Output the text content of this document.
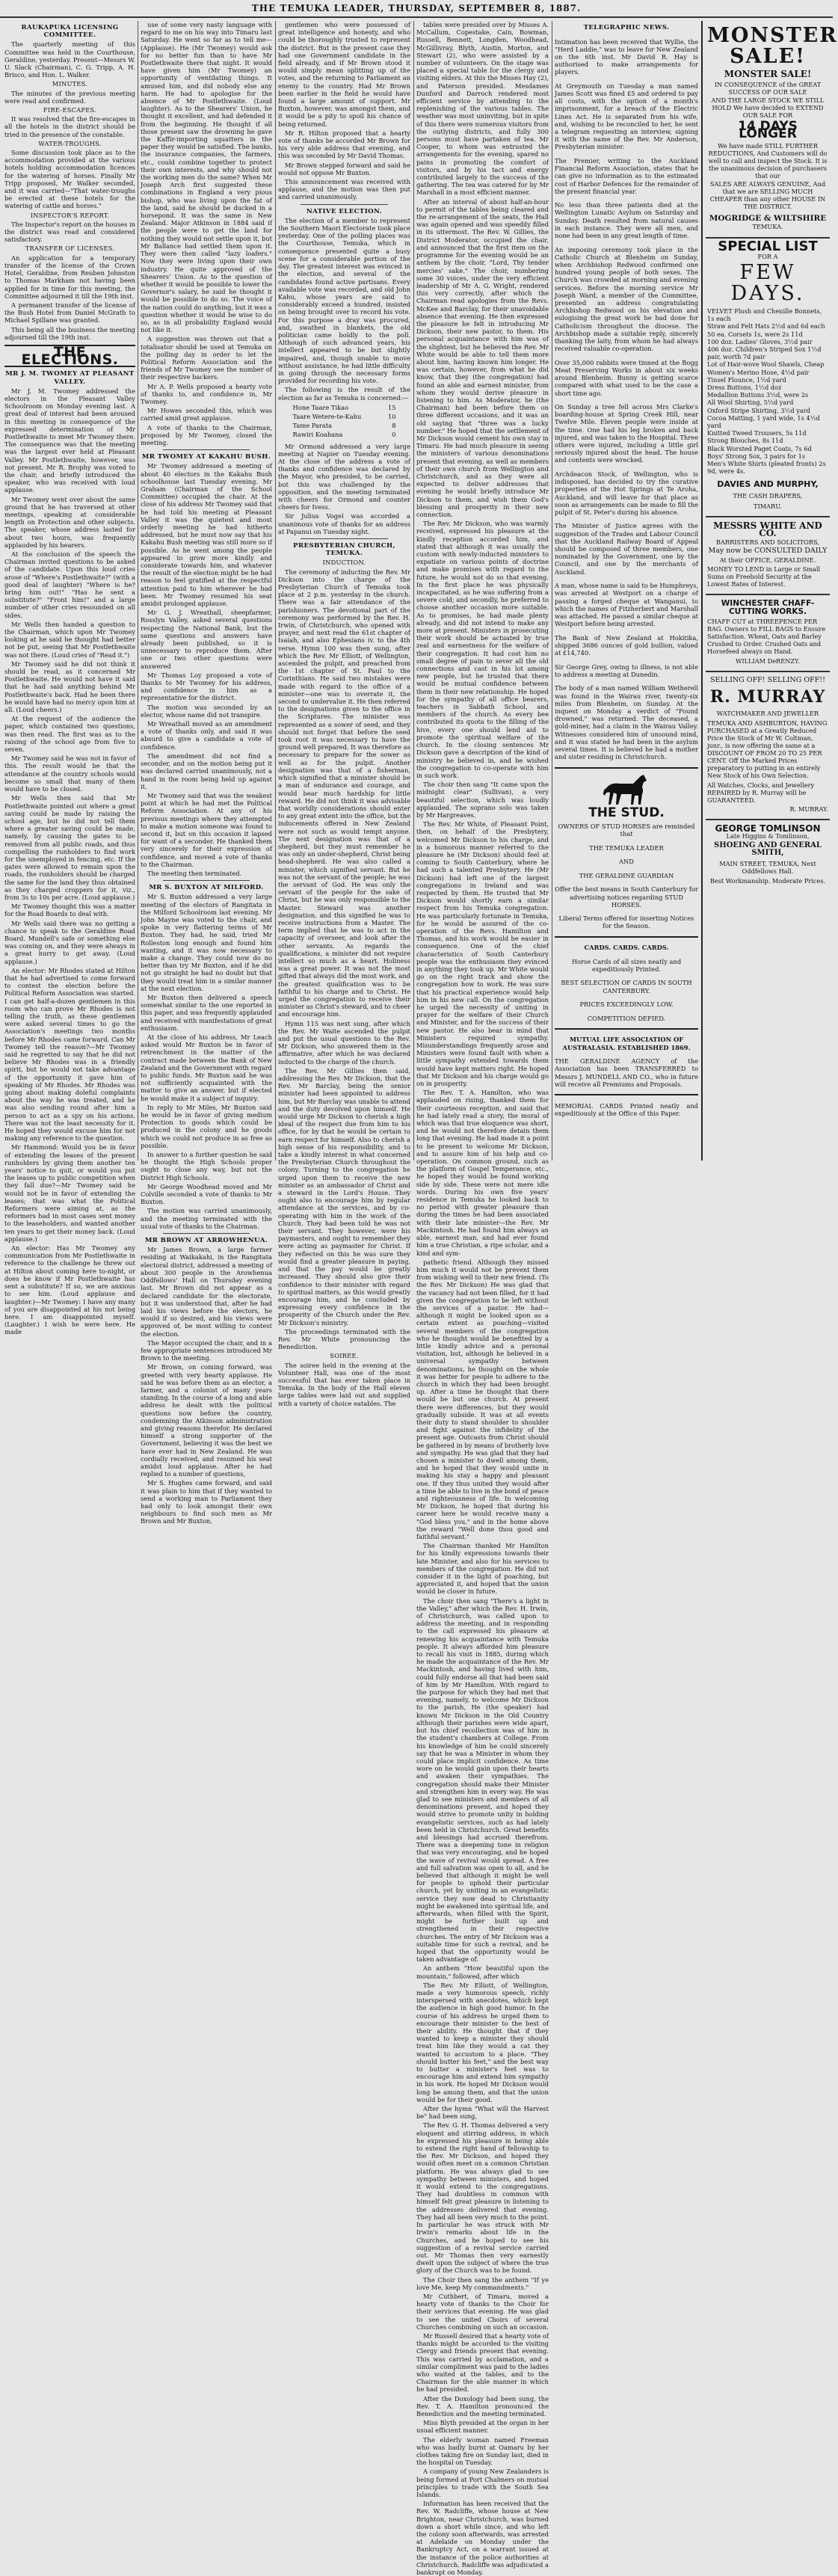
THE TEMUKA LEADER, THURSDAY, SEPTEMBER 8, 1887.
RAUKAPUKA LICENSING COMMITTEE.

The quarterly meeting of this Committee was held in the Courthouse, Geraldine, yesterday. Present—Messrs W. U. Slack (Chairman), C. G. Tripp, A. H. Brisco, and Hon. L. Walker.

MINUTES.

The minutes of the previous meeting were read and confirmed.

FIRE-ESCAPES.

It was resolved that the fire-escapes in all the hotels in the district should be tried in the presence of the constable.

WATER-TROUGHS.

Some discussion took place as to the accommodation provided at the various hotels holding accommodation licences for the watering of horses. Finally Mr Tripp proposed, Mr Walker seconded, and it was carried—"That water-troughs be erected at these hotels for the watering of cattle and horses."

INSPECTOR'S REPORT.

The Inspector's report on the houses in the district was read and considered satisfactory.

TRANSFER OF LICENSES.

An application for a temporary transfer of the license of the Crown Hotel, Geraldine, from Reuben Johnston to Thomas Markham not having been applied for in time for this meeting, the Committee adjourned it till the 19th inst.

A permanent transfer of the license of the Bush Hotel from Daniel McGrath to Michael Spillane was granted.

This being all the business the meeting adjourned till the 19th inst.

THE ELECTIONS.
MR J. M. TWOMEY AT PLEASANT VALLEY.

Mr J. M. Twomey addressed the electors in the Pleasant Valley Schoolroom on Monday evening last. A great deal of interest had been aroused in this meeting in consequence of the expressed determination of Mr Postlethwaite to meet Mr Twomey there. The consequence was that the meeting was the largest ever held at Pleasant Valley. Mr Postlethwaite, however, was not present. Mr R. Brophy was voted to the chair, and briefly introduced the speaker, who was received with loud applause.

Mr Twomey went over about the same ground that he has traversed at other meetings, speaking at considerable length on Protection and other subjects. The speaker, whose address lasted for about two hours, was frequently applauded by his hearers.

At the conclusion of the speech the Chairman invited questions to be asked of the candidate. Upon this loud cries arose of "Where's Postlethwaite?" (with a good deal of laughter) "Where is he? bring him out!" "Has he sent a substitute?" "Front him!" and a large number of other cries resounded on all sides.

Mr Wells then handed a question to the Chairman, which upon Mr Twomey looking at he said he thought had better not be put, seeing that Mr Postlethwaite was not there. (Loud cries of "Read it.")

Mr Twomey said he did not think it should be read, as it concerned Mr Postlethwaite. He would not have it said that he had said anything behind Mr Postlethwaite's back. Had he been there he would have had no mercy upon him at all. (Loud cheers.)

At the request of the audience the paper, which contained two questions, was then read. The first was as to the raising of the school age from five to seven.

Mr Twomey said he was not in favor of this. The result would be that the attendance at the country schools would become so small that many of them would have to be closed.

Mr Wells then said that Mr Postlethwaite pointed out where a great saving could be made by raising the school age, but he did not tell them where a greater saving could be made, namely, by causing the gates to be removed from all public roads, and thus compelling the runholders to find work for the unemployed in fencing, etc. If the gates were allowed to remain upon the roads, the runholders should be charged the same for the land they thus obtained as they charged croppers for it, viz., from 3s to 10s per acre. (Loud applause.)

Mr Twomey thought this was a matter for the Road Boards to deal with.

Mr Wells said there was no getting a chance to speak to the Geraldine Road Board. Mundell's safe or something else was coming on, and they were always in a great hurry to get away. (Loud applause.)

An elector: Mr Rhodes stated at Hilton that he had advertised to come forward to contest the election before the Political Reform Association was started. I can get half-a-dozen gentlemen in this room who can prove Mr Rhodes is not telling the truth, as these gentlemen were asked several times to go the Association's meetings two months before Mr Rhodes came forward. Can Mr Twomey tell the reason?—Mr Twomey said he regretted to say that he did not believe Mr Rhodes was in a friendly spirit, but he would not take advantage of the opportunity it gave him of speaking of Mr Rhodes. Mr Rhodes was going about making doleful complaints about the way he was treated, and he was also sending round after him a person to act as a spy on his actions. There was not the least necessity for it. He hoped they would excuse him for not making any reference to the question.

Mr Hammond: Would you be in favor of extending the leases of the present runholders by giving them another ten years' notice to quit, or would you put the leases up to public competition when they fall due?—Mr Twomey said he would not be in favor of extending the leases; that was what the Political Reformers were aiming at, as the reformers had in most cases sent money to the leaseholders, and wanted another ten years to get their money back. (Loud applause.)

An elector: Has Mr Twomey any communication from Mr Postlethwaite in reference to the challenge he threw out at Hilton about coming here to-night, or does he know if Mr Postlethwaite has sent a substitute? If so, we are anxious to see him. (Loud applause and laughter.)—Mr Twomey: I have any many of you are disappointed at his not being here. I am disappointed myself. (Laughter.) I wish he were here. He made

use of some very nasty language with regard to me on his way into Timaru last Saturday. He went so far as to tell me—(Applause). He (Mr Twomey) would ask for no better fun than to have Mr Postlethwaite there that night. It would have given him (Mr Twomey) an opportunity of ventilating things. It amused him, and did nobody else any harm. He had to apologise for the absence of Mr Postlethwaite. (Loud laughter). As to the Shearers' Union, he thought it excellent, and had defended it from the beginning. He thought if all those present saw the drowning he gave the Kaffir-importing squatters in the paper they would be satisfied. The banks, the insurance companies, the farmers, etc., could combine together to protect their own interests, and why should not the working men do the same? When Mr Joseph Arch first suggested these combinations in England a very pious bishop, who was living upon the fat of the land, said he should be ducked in a horsepond. It was the same in New Zealand. Major Atkinson in 1884 said if the people were to get the land for nothing they would not settle upon it, but Mr Ballance had settled them upon it. They were then called "lazy loafers." Now they were living upon their own industry. He quite approved of the Shearers' Union. As to the question of whether it would be possible to lower the Governor's salary, he said he thought it would be possible to do so. The voice of the nation could do anything, but it was a question whether it would be wise to do so, as in all probability England would not like it.

A suggestion was thrown out that a totalisator should be used at Temuka on the polling day in order to let the Political Reform Association and the friends of Mr Twomey see the number of their respective backers.

Mr A. P. Wells proposed a hearty vote of thanks to, and confidence in, Mr Twomey.

Mr Howes seconded this, which was carried amid great applause.

A vote of thanks to the Chairman, proposed by Mr Twomey, closed the meeting.

MR TWOMEY AT KAKAHU BUSH.

Mr Twomey addressed a meeting of about 40 electors in the Kakahu Bush schoolhouse last Tuesday evening. Mr Graham (Chairman of the School Committee) occupied the chair. At the close of his address Mr Twomey said that he had told his meeting at Pleasant Valley it was the quietest and most orderly meeting he had hitherto addressed, but he must now say that his Kakahu Bush meeting was still more so if possible. As he went among the people appeared to grow more kindly and considerate towards him, and whatever the result of the election might be he had reason to feel gratified at the respectful attention paid to him wherever he had been. Mr Twomey resumed his seat amidst prolonged applause.

Mr G. J. Wreathall, sheepfarmer, Rosslyn Valley, asked several questions respecting the National Bank, but the same questions and answers have already been published, so it is unnecessary to reproduce them. After one or two other questions were answered

Mr Thomas Loy proposed a vote of thanks to Mr Twomey for his address, and confidence in him as a representative for the district.

The motion was seconded by an elector, whose name did not transpire.

Mr Wreathall moved as an amendment a vote of thanks only, and said it was absurd to give a candidate a vote of confidence.

The amendment did not find a seconder, and on the motion being put it was declared carried unanimously, not a hand in the room being held up against it.

Mr Twomey said that was the weakest point at which he had met the Political Reform Association. At any of his previous meetings where they attempted to make a motion someone was found to second it, but on this occasion it lapsed for want of a seconder. He thanked them very sincerely for their expression of confidence, and moved a vote of thanks to the Chairman.

The meeting then terminated.

MR S. BUXTON AT MILFORD.

Mr S. Buxton addressed a very large meeting of the electors of Rangitata in the Milford Schoolroom last evening. Mr John Mayne was voted to the chair, and spoke in very flattering terms of Mr Buxton. They had, he said, tried Mr Rolleston long enough and found him wanting, and it was now necessary to make a change. They could now do no better than try Mr Buxton, and if he did not go straight he had no doubt but that they would treat him in a similar manner at the next election.

Mr Buxton then delivered a speech somewhat similar to the one reported in this paper, and was frequently applauded and received with manifestations of great enthusiasm.

At the close of his address, Mr Leach asked would Mr Buxton be in favor of retrenchment in the matter of the contract made between the Bank of New Zealand and the Government with regard to public funds. Mr Buxton said he was not sufficiently acquainted with the matter to give an answer, but if elected he would make it a subject of inquiry.

In reply to Mr Miles, Mr Buxton said he would be in favor of giving medium Protection to goods which could be produced in the colony and he goods which we could not produce in as free as possible.

In answer to a further question he said he thought the High Schools proper ought to close any way, but not the District High Schools.

Mr George Woodhead moved and Mr Colville seconded a vote of thanks to Mr Buxton.

The motion was carried unanimously, and the meeting terminated with the usual vote of thanks to the Chairman.

MR BROWN AT ARROWHENUA.

Mr James Brown, a large farmer residing at Waikakahi, in the Rangitata electoral district, addressed a meeting of about 300 people in the Arowhenua Oddfellows' Hall on Thursday evening last. Mr Brown did not appear as a declared candidate for the electorate, but it was understood that, after he had laid his views before the electors, he would if so desired, and his views were approved of, be most willing to contest the election.

The Mayor occupied the chair, and in a few appropriate sentences introduced Mr Brown to the meeting.

Mr Brown, on coming forward, was greeted with very hearty applause. He said he was before them as an elector, a farmer, and a colonist of many years standing. In the course of a long and able address he dealt with the political questions now before the country, condemning the Atkinson administration and giving reasons therefor. He declared himself a strong supporter of the Government, believing it was the best we have ever had in New Zealand. He was cordially received, and resumed his seat amidst loud applause. After he had replied to a number of questions,

Mr S. Hughes came forward, and said it was plain to him that if they wanted to send a working man to Parliament they had only to look amongst their own neighbours to find such men as Mr Brown and Mr Buxton,

gentlemen who were possessed of great intelligence and honesty, and who could be thoroughly trusted to represent the district. But in the present case they had one Government candidate in the field already, and if Mr Brown stood it would simply mean splitting up of the votes, and the returning to Parliament an enemy to the country. Had Mr Brown been earlier in the field he would have found a large amount of support. Mr Buxton, however, was amongst them, and it would be a pity to spoil his chance of being returned.

Mr R. Hilton proposed that a hearty vote of thanks be accorded Mr Brown for his very able address that evening, and this was seconded by Mr David Thomas.

Mr Brown stepped forward and said he would not oppose Mr Buxton.

This announcement was received with applause, and the motion was then put and carried unanimously.

NATIVE ELECTION.

The election of a member to represent the Southern Maori Electorate took place yesterday. One of the polling places was the Courthouse, Temuka, which in consequence presented quite a busy scene for a considerable portion of the day. The greatest interest was evinced in the election, and several of the candidates found active partisans. Every available vote was recorded, and old John Kahu, whose years are said to considerably exceed a hundred, insisted on being brought over to record his vote. For this purpose a dray was procured, and, swathed in blankets, the old politician came boldly to the poll. Although of such advanced years, his intellect appeared to be but slightly impaired, and, though unable to move without assistance, he had little difficulty in going through the necessary forms provided for recording his vote.

The following is the result of the election as far as Temuka is concerned:—

Hone Taare Tikao	15
Taare Wetere-te-Kahu	10
Tame Parata	8
Rawiri Koahana	0

Mr Ormond addressed a very large meeting at Napier on Tuesday evening. At the close of the address a vote of thanks and confidence was declared by the Mayor, who presided, to be carried, but this was challenged by the opposition, and the meeting terminated with cheers for Ormond and counter cheers for Ivess.

Sir Julius Vogel was accorded a unanimous vote of thanks for an address at Papanui on Tuesday night.

PRESBYTERIAN CHURCH, TEMUKA.
INDUCTION.

The ceremony of inducting the Rev. Mr Dickson into the charge of the Presbyterian Church of Temuka took place at 2 p.m. yesterday in the church. There was a fair attendance of the parishioners. The devotional part of the ceremony was performed by the Rev. H. Irwin, of Christchurch, who opened with prayer, and next read the 61st chapter of Isaiah, and also Ephesians iv. to the 4th verse. Hymn 100 was then sung, after which the Rev. Mr Elliott, of Wellington, ascended the pulpit, and preached from the 1st chapter of St. Paul to the Corinthians. He said two mistakes were made with regard to the office of a minister—one was to overrate it, the second to undervalue it. He then referred to the designations given to the office in the Scriptures. The minister was represented as a sower of seed, and they should not forget that before the seed took root it was necessary to have the ground well prepared. It was therefore as necessary to prepare for the sower as well as for the pulpit. Another designation was that of a fisherman, which signified that a minister should be a man of endurance and courage, and would bear much hardship for little reward. He did not think it was advisable that worldly considerations should enter to any great extent into the office, but the inducements offered in New Zealand were not such as would tempt anyone. The next designation was that of a shepherd, but they must remember he was only an under-shepherd, Christ being head-shepherd. He was also called a minister, which signified servant. But he was not the servant of the people; he was the servant of God. He was only the servant of the people for the sake of Christ, but he was only responsible to the Master. Steward was another designation, and this signified he was to receive instructions from a Master. The term implied that he was to act in the capacity of overseer, and look after the other servants. As regards the qualifications, a minister did not require intellect so much as a heart. Holiness was a great power. It was not the most gifted that always did the most work, and the greatest qualification was to be faithful to his charge and to Christ. He urged the congregation to receive their minister as Christ's steward, and to cheer and encourage him.

Hymn 115 was next sung, after which the Rev. Mr Waite ascended the pulpit and put the usual questions to the Rev. Mr Dickson, who answered them in the affirmative, after which he was declared inducted to the charge of the church.

The Rev. Mr Gillies then said, addressing the Rev. Mr Dickson, that the Rev. Mr Barclay, being the senior minister had been appointed to address him, but Mr Barclay was unable to attend and the duty devolved upon himself. He would urge Mr Dickson to cherish a high ideal of the respect due from him to his office, for by that he would be certain to earn respect for himself. Also to cherish a high sense of his responsibility, and to take a kindly interest in what concerned the Presbyterian Church throughout the colony. Turning to the congregation he urged upon them to receive the new minister as an ambassador of Christ and a steward in the Lord's House. They ought also to encourage him by regular attendance at the services, and by co-operating with him in the work of the Church. They had been told he was not their servant. They however, were his paymasters, and ought to remember they were acting as paymaster for Christ. If they reflected on this he was sure they would find a greater pleasure in paying, and that the pay would be greatly increased. They should also give their confidence to their minister with regard to spiritual matters, as this would greatly encourage him, and he concluded by expressing every confidence in the prosperity of the Church under the Rev. Mr Dickson's ministry.

The proceedings terminated with the Rev. Mr White pronouncing the Benediction.

SOIREE.

The soiree held in the evening at the Volunteer Hall, was one of the most successful that has ever taken place in Temuka. In the body of the Hall eleven large tables were laid out and supplied with a variety of choice eatables. The

tables were presided over by Misses A. McCallum, Copestake, Cain, Bowman, Russell, Bennett, Longden, Woodhead, McGillivray, Blyth, Austin, Morton, and Stewart (2), who were assisted by a number of volunteers. On the stage was placed a special table for the clergy and visiting elders. At this the Misses Hay (2), and Paterson presided. Mesdames Dunford and Darroch rendered most efficient service by attending to the replenishing of the various tables. The weather was most uninviting, but in spite of this there were numerous visitors from the outlying districts, and fully 300 persons must have partaken of tea. Mr Cooper, to whom was entrusted the arrangements for the evening, spared no pains in promoting the comfort of visitors, and by his tact and energy contributed largely to the success of the gathering. The tea was catered for by Mr Marshall in a most efficient manner.

After an interval of about half-an-hour to permit of the tables being cleared and the re-arrangement of the seats, the Hall was again opened and was speedily filled in its uttermost. The Rev. W. Gillies, the District Moderator, occupied the chair, and announced that the first item on the programme for the evening would be an anthem by the choir, "Lord, Thy tender mercies' sake." The choir, numbering some 30 voices, under the very efficient leadership of Mr A. G. Wright, rendered this very correctly, after which the Chairman read apologies from the Revs. McKee and Barclay, for their unavoidable absence that evening. He then expressed the pleasure he felt in introducing Mr Dickson, their new pastor, to them. His personal acquaintance with him was of the slightest, but he believed the Rev. Mr White would be able to tell them more about him, having known him longer. He was certain, however, from what he did know, that they (the congregation) had found an able and earnest minister, from whom they would derive pleasure in listening to him. As Moderator, he (the Chairman) had been before them on three different occasions, and it was an old saying that "three was a lucky number." He hoped that the settlement of Mr Dickson would cement his own stay in Timaru. He had much pleasure in seeing the ministers of various denominations present that evening, as well as members of their own church from Wellington and Christchurch, and as they were all expected to deliver addresses that evening he would briefly introduce Mr Dickson to them, and wish them God's blessing and prosperity in their new connection.

The Rev. Mr Dickson, who was warmly received, expressed his pleasure at the kindly reception accorded him, and stated that although it was usually the custom with newly-inducted ministers to expatiate on various points of doctrine and make promises with regard to the future, he would not do so that evening. In the first place he was physically incapacitated, as he was suffering from a severe cold; and secondly, he preferred to choose another occasion more suitable. As to promises, he had made plenty already, and did not intend to make any more at present. Ministers in prosecuting their work should be actuated by true zeal and earnestness for the welfare of their congregation. It had cost him no small degree of pain to sever all the old connections and cast in his lot among new people, but he trusted that there would be mutual confidence between them in their new relationship. He hoped for the sympathy of all office bearers, teachers in Sabbath School, and members of the church. As every bee contributed its quota to the filling of the hive, every one should lend aid to promote the spiritual welfare of the church. In the closing sentences Mr Dickson gave a description of the kind of ministry he believed in, and he wished the congregation to co-operate with him in such work.

The choir then sang "It came upon the midnight clear" (Sullivan), a very beautiful selection, which was loudly applauded. The soprano solo was taken by Mr Hargreaves.

The Rev. Mr White, of Pleasant Point, then, on behalf of the Presbytery, welcomed Mr Dickson to his charge, and in a humorous manner referred to the pleasure he (Mr Dickson) should feel at coming to South Canterbury, where he had such a talented Presbytery. He (Mr Dickson) had left one of the largest congregations in Ireland and was respected by them. He trusted that Mr Dickson would shortly earn a similar respect from his Temuka congregation. He was particularly fortunate in Temuka, for he would be assured of the co-operation of the Revs. Hamilton and Thomas, and his work would be easier in consequence. One of the chief characteristics of South Canterbury people was the enthusiasm they evinced in anything they took up. Mr White would go on the right track and show the congregation how to work. He was sure that his practical experience would help him in his new call. On the congregation he urged the necessity of uniting in prayer for the welfare of their Church and Minister, and for the success of their new pastor. He also bear in mind that Ministers required sympathy. Misunderstandings frequently arose and Ministers were found fault with when a little sympathy extended towards them would have kept matters right. He hoped that Mr Dickson and his charge would go on in prosperity.

The Rev. T. A. Hamilton, who was applauded on rising, thanked them for their courteous reception, and said that he had lately read a story, the moral of which was that true eloquence was short, and he would not therefore detain them long that evening. He had made it a point to be present to welcome Mr Dickson, and to assure him of his help and co-operation. On common ground, such as the platform of Gospel Temperance, etc., he hoped they would be found working side by side. These were not mere idle words. During his own five years' residence in Temuka he looked back to no period with greater pleasure than during the times he had been associated with their late minister—the Rev. Mr Mackintosh. He had found him always an able, earnest man, and had ever found him a true Christian, a ripe scholar, and a kind and sym-

pathetic friend. Although they missed him much it would not be prevent them from wishing well to their new friend. (To the Rev. Mr Dickson) He was glad that the vacancy had not been filled, for it had given the congregation to be left without the services of a pastor. He had—although it might be looked upon as a certain extent as poaching—visited several members of the congregation who he thought would be benefited by a little kindly advice and a personal visitation, but, although he believed in a universal sympathy between denominations, he thought on the whole it was better for people to adhere to the church in which they had been brought up. After a time he thought that there would be but one church. At present there were differences, but they would gradually subside. It was at all events their duty to stand shoulder to shoulder and fight against the infidelity of the present age. Outcasts from Christ should be gathered in by means of brotherly love and sympathy. He was glad that they had chosen a minister to dwell among them, and he hoped that they would unite in making his stay a happy and pleasant one. If they thus united they would after a time be able to live in the bond of peace and righteousness of life. In welcoming Mr Dickson, he hoped that during his career here he would receive many a "God bless you," and in the home above the reward "Well done thou good and faithful servant."

The Chairman thanked Mr Hamilton for his kindly expressions towards their late Minister, and also for his services to members of the congregation. He did not consider it in the light of poaching, but appreciated it, and hoped that the union would be closer in future.

The choir then sang "There's a light in the Valley," after which the Rev. H. Irwin, of Christchurch, was called upon to address the meeting, and in responding to the call expressed his pleasure at renewing his acquaintance with Temuka people. It always afforded him pleasure to recall his visit in 1885, during which he made the acquaintance of the Rev. Mr Mackintosh, and having lived with him, could fully endorse all that had been said of him by Mr Hamilton. With regard to the purpose for which they had met that evening, namely, to welcome Mr Dickson to the parish, He (the speaker) had known Mr Dickson in the Old Country although their parishes were wide apart, but his chief recollection was of him in the student's chambers at College. From his knowledge of him he could sincerely say that he was a Minister in whom they could place implicit confidence. As time wore on he would gain upon their hearts and awaken their sympathies. The congregation should make their Minister and strengthen him in every way. He was glad to see ministers and members of all denominations present, and hoped they would strive to promote unity in holding evangelistic services, such as had lately been held in Christchurch. Great benefits and blessings had accrued therefrom. There was a deepening tone in religion that was very encouraging, and he hoped the wave of revival would spread. A free and full salvation was open to all, and he believed that although it might be well for people to uphold their particular church, yet by uniting in an evangelistic service they now dead to Christianity might be awakened into spiritual life, and afterwards, when filled with the Spirit, might be further built up and strengthened in their respective churches. The entry of Mr Dickson was a suitable time for such a revival, and he hoped that the opportunity would be taken advantage of.

An anthem "How beautiful upon the mountain," followed, after which

The Rev. Mr Elliott, of Wellington, made a very humorous speech, richly interspersed with anecdotes, which kept the audience in high good humor. In the course of his address he urged them to encourage their minister to the best of their ability. He thought that if they wanted to keep a minister they should treat him like they would a cat they wanted to accustom to a place. "They should butter his feet," and the best way to butter a minister's feet was to encourage him and extend him sympathy in his work. He hoped Mr Dickson would long be among them, and that the union would be for their good.

After the hymn "What will the Harvest be" had been sung,

The Rev. G. H. Thomas delivered a very eloquent and stirring address, in which he expressed his pleasure in being able to extend the right hand of fellowship to the Rev. Mr Dickson, and hoped they would often meet on a common Christian platform. He was always glad to see sympathy between ministers, and hoped it would extend to the congregations. They had doubtless in common with himself felt great pleasure in listening to the addresses delivered that evening. They had all been very much to the point. In particular he was struck with Mr Irwin's remarks about life in the Churches, and he hoped to see his suggestion of a revival service carried out. Mr Thomas then very earnestly dwelt upon the subject of where the true glory of the Church was to be found.

The Choir then sang the anthem "If ye love Me, keep My commandments."

Mr Cuthbert, of Timaru, moved a hearty vote of thanks to the Choir for their services that evening. He was glad to see the united Choirs of several Churches combining on such an occasion.

Mr Russell desired that a hearty vote of thanks might be accorded to the visiting Clergy and friends present that evening. This was carried by acclamation, and a similar compliment was paid to the ladies who waited at the tables, and to the Chairman for the able manner in which he had presided.

After the Doxology had been sung, the Rev. T. A. Hamilton pronounced the Benediction and the meeting terminated.

Miss Blyth presided at the organ in her usual efficient manner.

The elderly woman named Freeman who was badly burnt at Oamaru by her clothes taking fire on Sunday last, died in the hospital on Tuesday.

A company of young New Zealanders is being formed at Port Chalmers on mutual principles to trade with the South Sea Islands.

Information has been received that the Rev. W. Radcliffe, whose house at New Brighton, near Christchurch, was burned down a short while since, and who left the colony soon afterwards, was arrested at Adelaide on Monday under the Bankruptcy Act, on a warrant issued at the instance of the police authorities at Christchurch. Radcliffe was adjudicated a bankrupt on Monday.

MONSTER
SALE!
MONSTER SALE!
IN CONSEQUENCE of the GREAT SUCCESS OF OUR SALE
AND THE LARGE STOCK WE STILL HOLD We have decided to EXTEND OUR SALE FOR
14 DAYS LONGER
We have made STILL FURTHER REDUCTIONS, And Customers will do well to call and inspect the Stock. It is the unanimous decision of purchasers that our
SALES ARE ALWAYS GENUINE, And that we are SELLING MUCH CHEAPER than any other HOUSE IN THE DISTRICT.
MOGRIDGE & WILTSHIRE
TEMUKA.
SPECIAL LIST
FOR A
FEW DAYS.
VELVET Plush and Chenille Bonnets, 1s each
Straw and Felt Hats 2½d and 6d each
50 ea. Corsets 1s, were 2s 11d
100 doz. Ladies' Gloves, 3½d pair
406 doz. Children's Striped Sox 1½d pair, worth 7d pair
Lot of Hair-wove Wool Shawls, Cheap
Women's Merino Hose, 4½d pair
Tinsel Flounce, 1½d yard
Dress Buttons, 1½d doz
Medallion Buttons 3½d, were 2s
All Wool Shirting, 5½d yard
Oxford Stripe Shirting, 3½d yard
Cocoa Matting, 1 yard wide, 1s 4½d yard
Knitted Tweed Trousers, 5s 11d
Strong Blouches, 8s 11d
Black Worsted Paget Coats, 7s 6d
Boys' Strong Sox, 3 pairs for 1s
Men's White Shirts (pleated fronts) 2s 9d, were 4s.
DAVIES AND MURPHY,
THE CASH DRAPERS,
TIMARU.
MESSRS WHITE AND CO.
BARRISTERS AND SOLICITORS,
May now be CONSULTED DAILY
At their OFFICE, GERALDINE.
MONEY TO LEND in Large or Small Sums on Freehold Security at the Lowest Rates of Interest.
WINCHESTER CHAFF-CUTTING WORKS.
CHAFF CUT at THREEPENCE PER BAG. Owners to FILL BAGS to Ensure Satisfaction. Wheat, Oats and Barley Crushed to Order. Crushed Oats and Horsefeed always on Hand.
WILLIAM DeRENZY.
SELLING OFF! SELLING OFF!!
R. MURRAY
WATCHMAKER AND JEWELLER
TEMUKA AND ASHBURTON, HAVING PURCHASED at a Greatly Reduced Price the Stock of Mr W. Coltman, junr., is now offering the same at a DISCOUNT OF FROM 20 TO 25 PER CENT. Off the Marked Prices preparatory to putting in an entirely New Stock of his Own Selection.
All Watches, Clocks, and Jewellery REPAIRED by R. Murray will be GUARANTEED.
R. MURRAY.
GEORGE TOMLINSON
Late Higgins & Tomlinson,
SHOEING AND GENERAL SMITH,
MAIN STREET, TEMUKA, Next Oddfellows Hall.
Best Workmanship. Moderate Prices.
TELEGRAPHIC NEWS.

Intimation has been received that Wyllie, the "Herd Laddie," was to leave for New Zealand on the 6th inst. Mr David R. Hay is authorised to make arrangements for players.

At Greymouth on Tuesday a man named James Scott was fined £5 and ordered to pay all costs, with the option of a month's imprisonment, for a breach of the Electric Lines Act. He is separated from his wife, and, wishing to be reconciled to her, he sent a telegram requesting an interview, signing it with the name of the Rev. Mr Anderson, Presbyterian minister.

The Premier, writing to the Auckland Financial Reform Association, states that he can give no information as to the estimated cost of Harbor Defences for the remainder of the present financial year.

No less than three patients died at the Wellington Lunatic Asylum on Saturday and Sunday. Death resulted from natural causes in each instance. They were all men, and none had been in any great length of time.

An imposing ceremony took place in the Catholic Church at Blenheim on Sunday, when Archbishop Redwood confirmed one hundred young people of both sexes. The Church was crowded at morning and evening services. Before the morning service Mr Joseph Ward, a member of the Committee, presented an address congratulating Archbishop Redwood on his elevation and eulogising the great work he had done for Catholicism throughout the diocese. The Archbishop made a suitable reply, sincerely thanking the laity, from whom he had always received valuable co-operation.

Over 35,000 rabbits were tinned at the Bogg Meat Preserving Works in about six weeks around Blenheim. Bunny is getting scarce compared with what used to be the case a short time ago.

On Sunday a tree fell across Mrs Clarke's boarding-house at Spring Creek Hill, near Twelve Mile. Eleven people were inside at the time. One had his leg broken and back injured, and was taken to the Hospital. Three others were injured, including a little girl seriously injured about the head. The house and contents were wrecked.

Archdeacon Stock, of Wellington, who is indisposed, has decided to try the curative properties of the Hot Springs at Te Aroha, Auckland, and will leave for that place as soon as arrangements can be made to fill the pulpit of St. Peter's during his absence.

The Minister of Justice agrees with the suggestion of the Trades and Labour Council that the Auckland Railway Board of Appeal should be composed of three members, one nominated by the Government, one by the Council, and one by the merchants of Auckland.

A man, whose name is said to be Humphreys, was arrested at Westport on a charge of passing a forged cheque at Wanganui, to which the names of Fitzherbert and Marshall was attached. He passed a similar cheque at Westport before being arrested.

The Bank of New Zealand at Hokitika, shipped 3686 ounces of gold bullion, valued at £14,740.

Sir George Grey, owing to illness, is not able to address a meeting at Dunedin.

The body of a man named William Wetherell was found in the Wairau river, twenty-six miles from Blenheim, on Sunday. At the inquest on Monday a verdict of "Found drowned," was returned. The deceased, a gold-miner, had a claim in the Wairau Valley. Witnesses considered him of unsound mind, and it was stated he had been in the asylum several times. It is believed he had a mother and sister residing in Christchurch.

THE STUD.

OWNERS OF STUD HORSES are reminded that

THE TEMUKA LEADER

AND

THE GERALDINE GUARDIAN

Offer the best means in South Canterbury for advertising notices regarding STUD HORSES.

Liberal Terms offered for inserting Notices for the Season.

CARDS. CARDS. CARDS.

Horse Cards of all sizes neatly and expeditiously Printed.

BEST SELECTION OF CARDS IN SOUTH CANTERBURY.

PRICES EXCEEDINGLY LOW.

COMPETITION DEFIED.

MUTUAL LIFE ASSOCIATION OF AUSTRALASIA. ESTABLISHED 1869.

THE GERALDINE AGENCY of the Association has been TRANSFERRED to Messrs J. MUNDELL AND CO., who in future will receive all Premiums and Proposals.

MEMORIAL CARDS Printed neatly and expeditiously at the Office of this Paper.
